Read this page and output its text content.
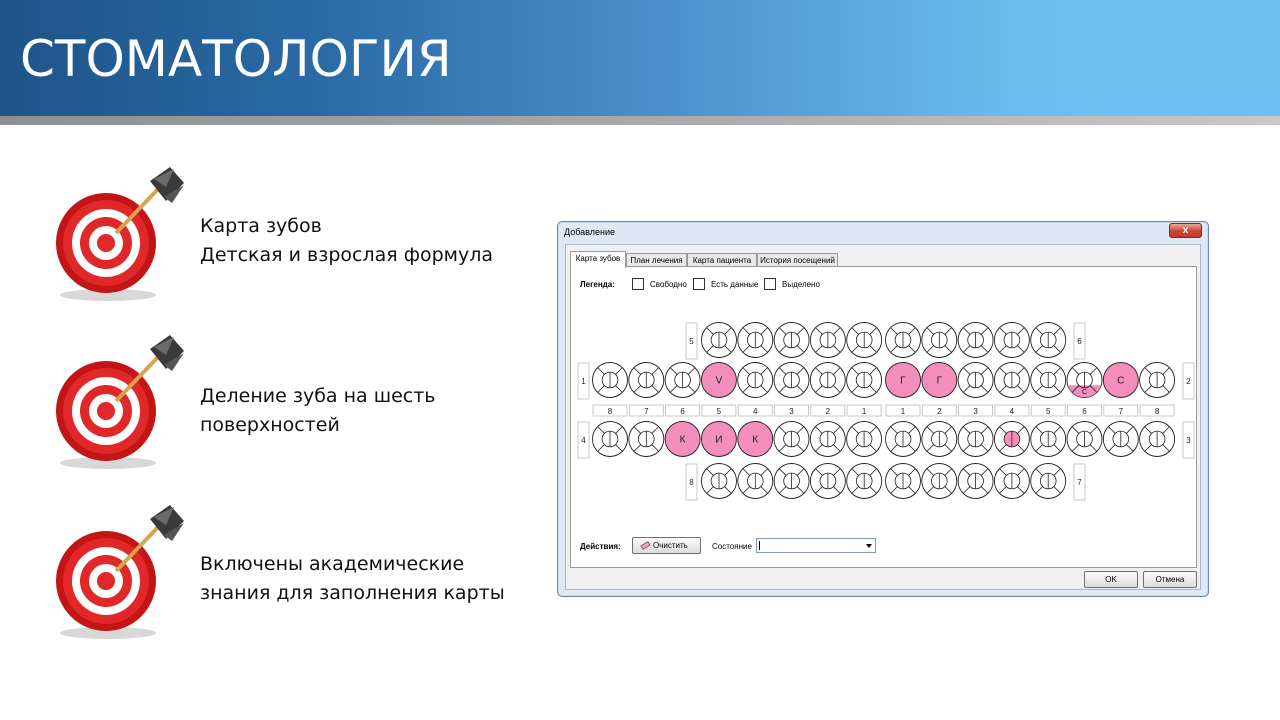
СТОМАТОЛОГИЯ
Карта зубов
Детская и взрослая формула
Деление зуба на шесть
поверхностей
Включены академические
знания для заполнения карты
Добавление	x
Карта зубов	План лечения	Карта пациента	История посещений
Легенда:	Свободно	Есть данные	Выделено
V	Г	Г
С
С
К	И	К
8	7	6	5	4	3	2	1	1	2	3	4	5	6	7	8
5	6
1	2
4	3
8	7
Действия:	Очистить	Состояние
OK	Отмена
